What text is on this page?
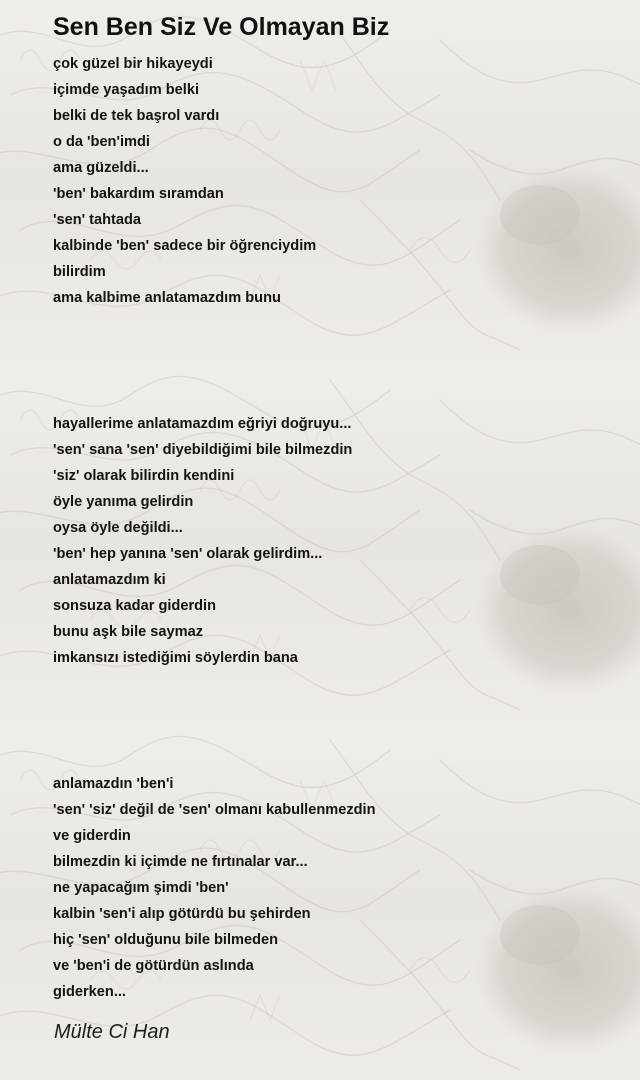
Sen Ben Siz Ve Olmayan Biz
çok güzel bir hikayeydi
içimde yaşadım belki
belki de tek başrol vardı
o da 'ben'imdi
ama güzeldi...
'ben' bakardım sıramdan
'sen' tahtada
kalbinde 'ben' sadece bir öğrenciydim
bilirdim
ama kalbime anlatamazdım bunu
hayallerime anlatamazdım eğriyi doğruyu...
'sen' sana 'sen' diyebildiğimi bile bilmezdin
'siz' olarak bilirdin kendini
öyle yanıma gelirdin
oysa öyle değildi...
'ben' hep yanına 'sen' olarak gelirdim...
anlatamazdım ki
sonsuza kadar giderdin
bunu aşk bile saymaz
imkansızı istediğimi söylerdin bana
anlamazdın 'ben'i
'sen' 'siz' değil de 'sen' olmanı kabullenmezdin
ve giderdin
bilmezdin ki içimde ne fırtınalar var...
ne yapacağım şimdi 'ben'
kalbin 'sen'i alıp götürdü bu şehirden
hiç 'sen' olduğunu bile bilmeden
ve 'ben'i de götürdün aslında
giderken...
Mülte Ci Han
